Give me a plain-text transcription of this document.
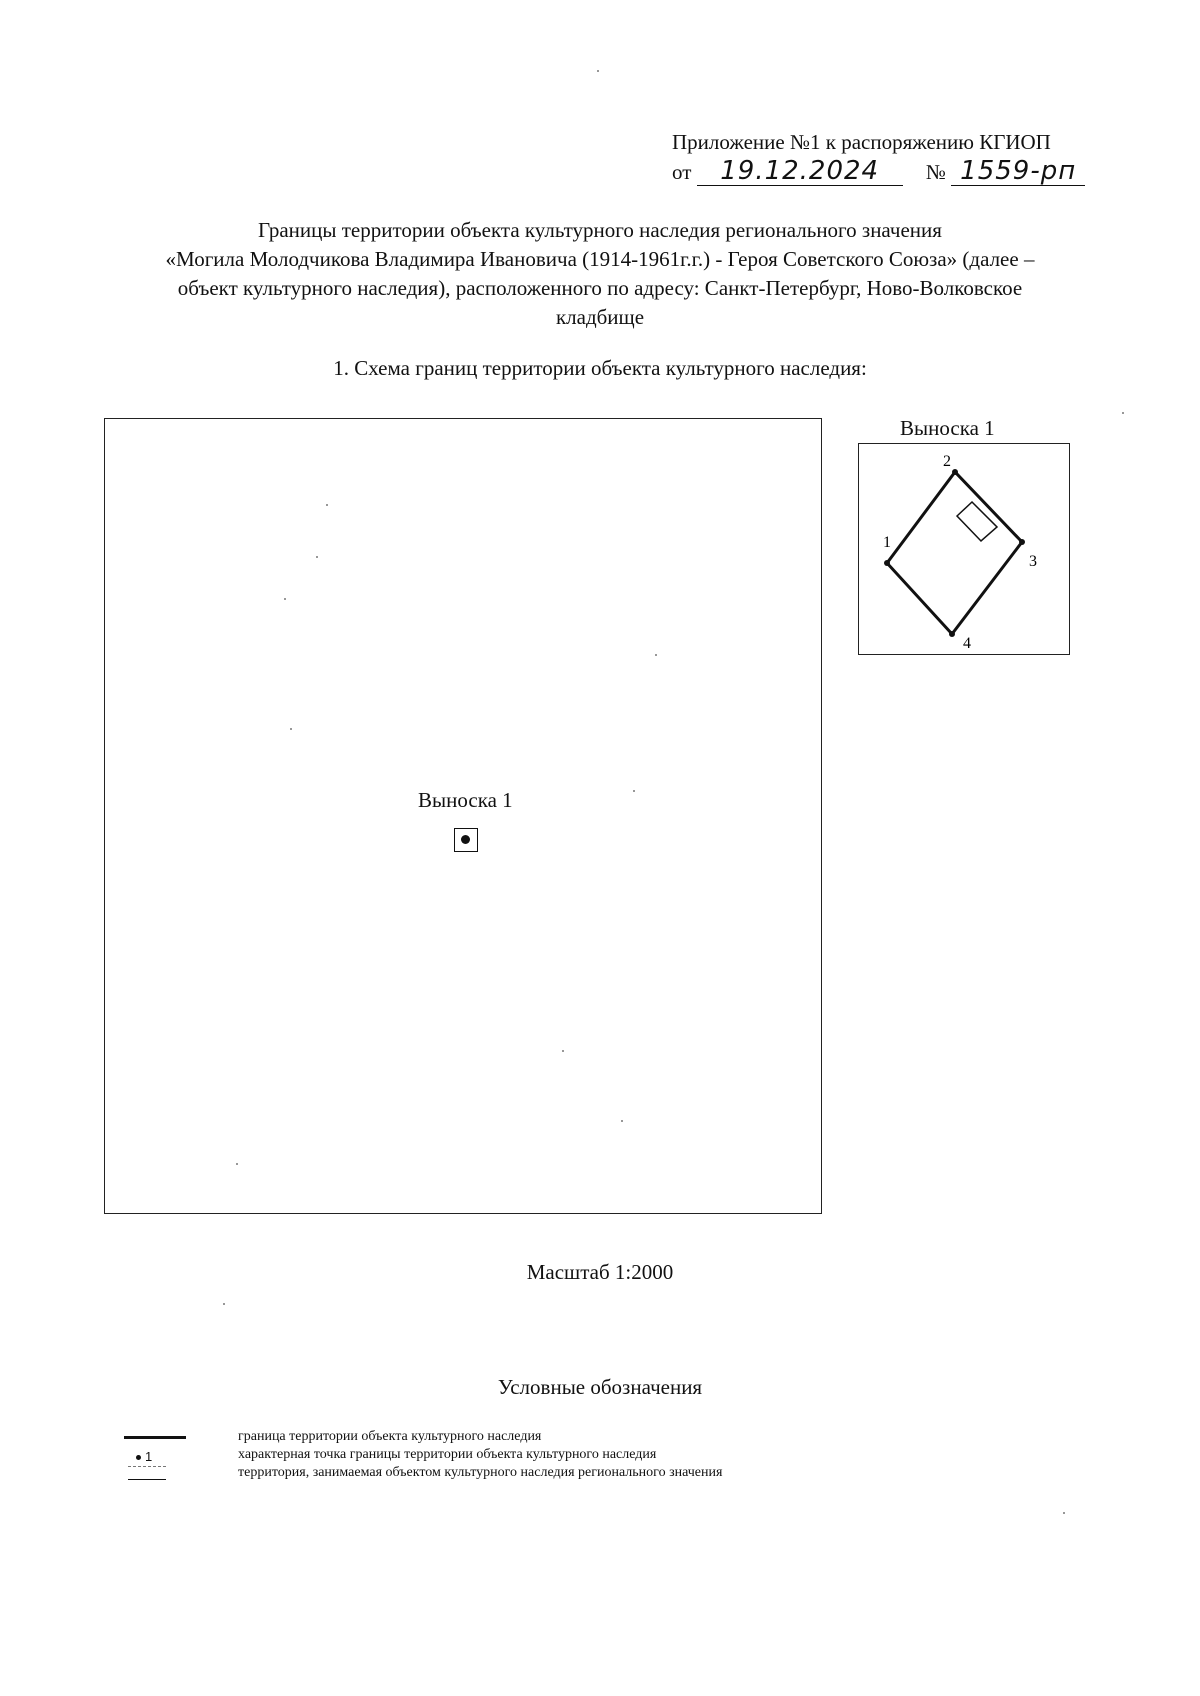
Приложение №1 к распоряжению КГИОП
от 19.12.2024 № 1559-рп
Границы территории объекта культурного наследия регионального значения
«Могила Молодчикова Владимира Ивановича (1914-1961г.г.) - Героя Советского Союза» (далее –
объект культурного наследия), расположенного по адресу: Санкт-Петербург, Ново-Волковское
кладбище
1. Схема границ территории объекта культурного наследия:
Выноска 1
Выноска 1
1
2
3
4
Масштаб 1:2000
Условные обозначения
граница территории объекта культурного наследия
1	характерная точка границы территории объекта культурного наследия
территория, занимаемая объектом культурного наследия регионального значения
